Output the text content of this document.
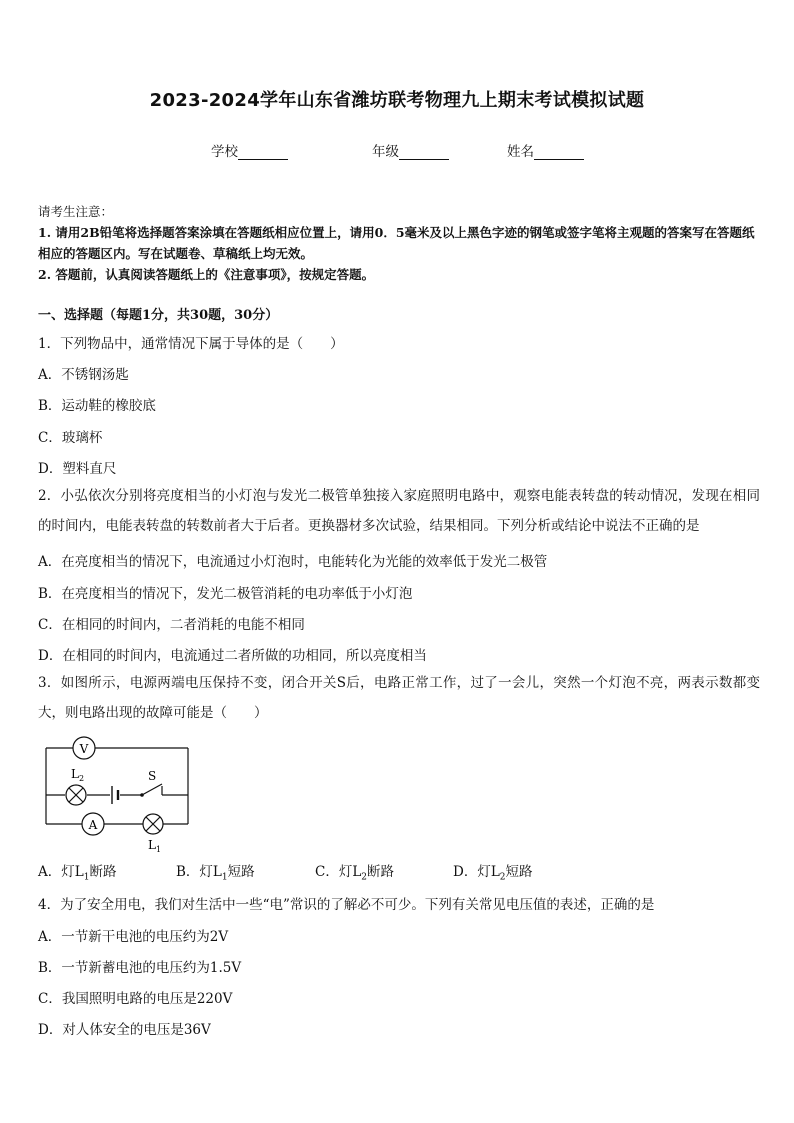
2023-2024学年山东省潍坊联考物理九上期末考试模拟试题
学校	年级	姓名
请考生注意：
1. 请用2B铅笔将选择题答案涂填在答题纸相应位置上，请用0．5毫米及以上黑色字迹的钢笔或签字笔将主观题的答案写在答题纸相应的答题区内。写在试题卷、草稿纸上均无效。
2. 答题前，认真阅读答题纸上的《注意事项》，按规定答题。
一、选择题（每题1分，共30题，30分）
1．下列物品中，通常情况下属于导体的是（　　）
A．不锈钢汤匙
B．运动鞋的橡胶底
C．玻璃杯
D．塑料直尺
2．小弘依次分别将亮度相当的小灯泡与发光二极管单独接入家庭照明电路中，观察电能表转盘的转动情况，发现在相同的时间内，电能表转盘的转数前者大于后者。更换器材多次试验，结果相同。下列分析或结论中说法不正确的是
A．在亮度相当的情况下，电流通过小灯泡时，电能转化为光能的效率低于发光二极管
B．在亮度相当的情况下，发光二极管消耗的电功率低于小灯泡
C．在相同的时间内，二者消耗的电能不相同
D．在相同的时间内，电流通过二者所做的功相同，所以亮度相当
3．如图所示，电源两端电压保持不变，闭合开关S后，电路正常工作，过了一会儿，突然一个灯泡不亮，两表示数都变大，则电路出现的故障可能是（　　）
V
$L_2$	S
A
$L_1$
A．灯$L_1$断路	B．灯$L_1$短路	C．灯$L_2$断路	D．灯$L_2$短路
4．为了安全用电，我们对生活中一些“电”常识的了解必不可少。下列有关常见电压值的表述，正确的是
A．一节新干电池的电压约为2V
B．一节新蓄电池的电压约为1.5V
C．我国照明电路的电压是220V
D．对人体安全的电压是36V
